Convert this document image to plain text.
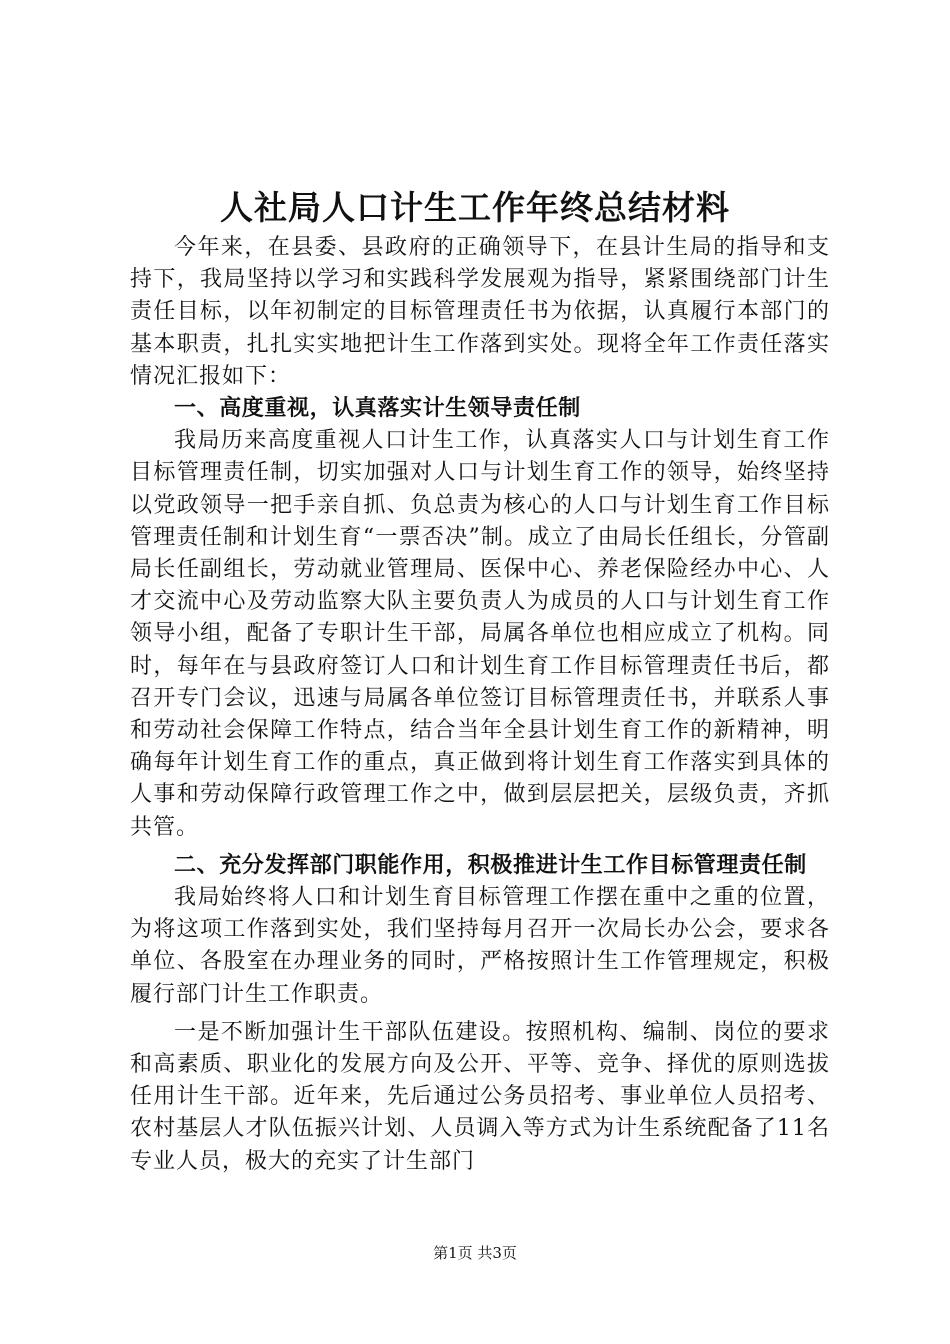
人社局人口计生工作年终总结材料

今年来，在县委、县政府的正确领导下，在县计生局的指导和支持下，我局坚持以学习和实践科学发展观为指导，紧紧围绕部门计生责任目标，以年初制定的目标管理责任书为依据，认真履行本部门的基本职责，扎扎实实地把计生工作落到实处。现将全年工作责任落实情况汇报如下：

一、高度重视，认真落实计生领导责任制

我局历来高度重视人口计生工作，认真落实人口与计划生育工作目标管理责任制，切实加强对人口与计划生育工作的领导，始终坚持以党政领导一把手亲自抓、负总责为核心的人口与计划生育工作目标管理责任制和计划生育“一票否决”制。成立了由局长任组长，分管副局长任副组长，劳动就业管理局、医保中心、养老保险经办中心、人才交流中心及劳动监察大队主要负责人为成员的人口与计划生育工作领导小组，配备了专职计生干部，局属各单位也相应成立了机构。同时，每年在与县政府签订人口和计划生育工作目标管理责任书后，都召开专门会议，迅速与局属各单位签订目标管理责任书，并联系人事和劳动社会保障工作特点，结合当年全县计划生育工作的新精神，明确每年计划生育工作的重点，真正做到将计划生育工作落实到具体的人事和劳动保障行政管理工作之中，做到层层把关，层级负责，齐抓共管。

二、充分发挥部门职能作用，积极推进计生工作目标管理责任制

我局始终将人口和计划生育目标管理工作摆在重中之重的位置，为将这项工作落到实处，我们坚持每月召开一次局长办公会，要求各单位、各股室在办理业务的同时，严格按照计生工作管理规定，积极履行部门计生工作职责。

一是不断加强计生干部队伍建设。按照机构、编制、岗位的要求和高素质、职业化的发展方向及公开、平等、竞争、择优的原则选拔任用计生干部。近年来，先后通过公务员招考、事业单位人员招考、农村基层人才队伍振兴计划、人员调入等方式为计生系统配备了11名专业人员，极大的充实了计生部门

第1页 共3页
